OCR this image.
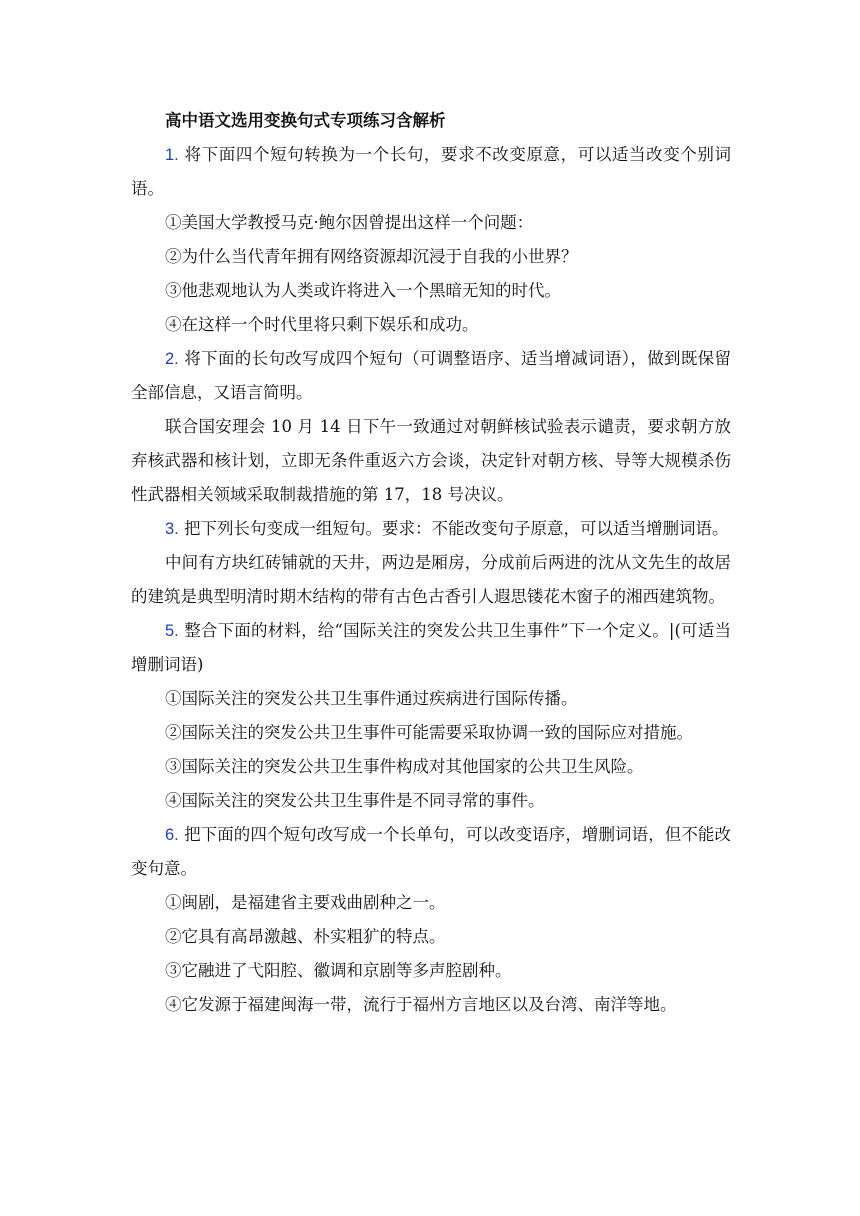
高中语文选用变换句式专项练习含解析

1. 将下面四个短句转换为一个长句，要求不改变原意，可以适当改变个别词语。

①美国大学教授马克·鲍尔因曾提出这样一个问题：
②为什么当代青年拥有网络资源却沉浸于自我的小世界？
③他悲观地认为人类或许将进入一个黑暗无知的时代。
④在这样一个时代里将只剩下娱乐和成功。

2. 将下面的长句改写成四个短句（可调整语序、适当增减词语），做到既保留全部信息，又语言简明。

联合国安理会 10 月 14 日下午一致通过对朝鲜核试验表示谴责，要求朝方放弃核武器和核计划，立即无条件重返六方会谈，决定针对朝方核、导等大规模杀伤性武器相关领域采取制裁措施的第 17，18 号决议。

3. 把下列长句变成一组短句。要求：不能改变句子原意，可以适当增删词语。

中间有方块红砖铺就的天井，两边是厢房，分成前后两进的沈从文先生的故居的建筑是典型明清时期木结构的带有古色古香引人遐思镂花木窗子的湘西建筑物。

5. 整合下面的材料，给“国际关注的突发公共卫生事件”下一个定义。|(可适当增删词语)

①国际关注的突发公共卫生事件通过疾病进行国际传播。
②国际关注的突发公共卫生事件可能需要采取协调一致的国际应对措施。
③国际关注的突发公共卫生事件构成对其他国家的公共卫生风险。
④国际关注的突发公共卫生事件是不同寻常的事件。

6. 把下面的四个短句改写成一个长单句，可以改变语序，增删词语，但不能改变句意。

①闽剧，是福建省主要戏曲剧种之一。
②它具有高昂激越、朴实粗犷的特点。
③它融进了弋阳腔、徽调和京剧等多声腔剧种。
④它发源于福建闽海一带，流行于福州方言地区以及台湾、南洋等地。
